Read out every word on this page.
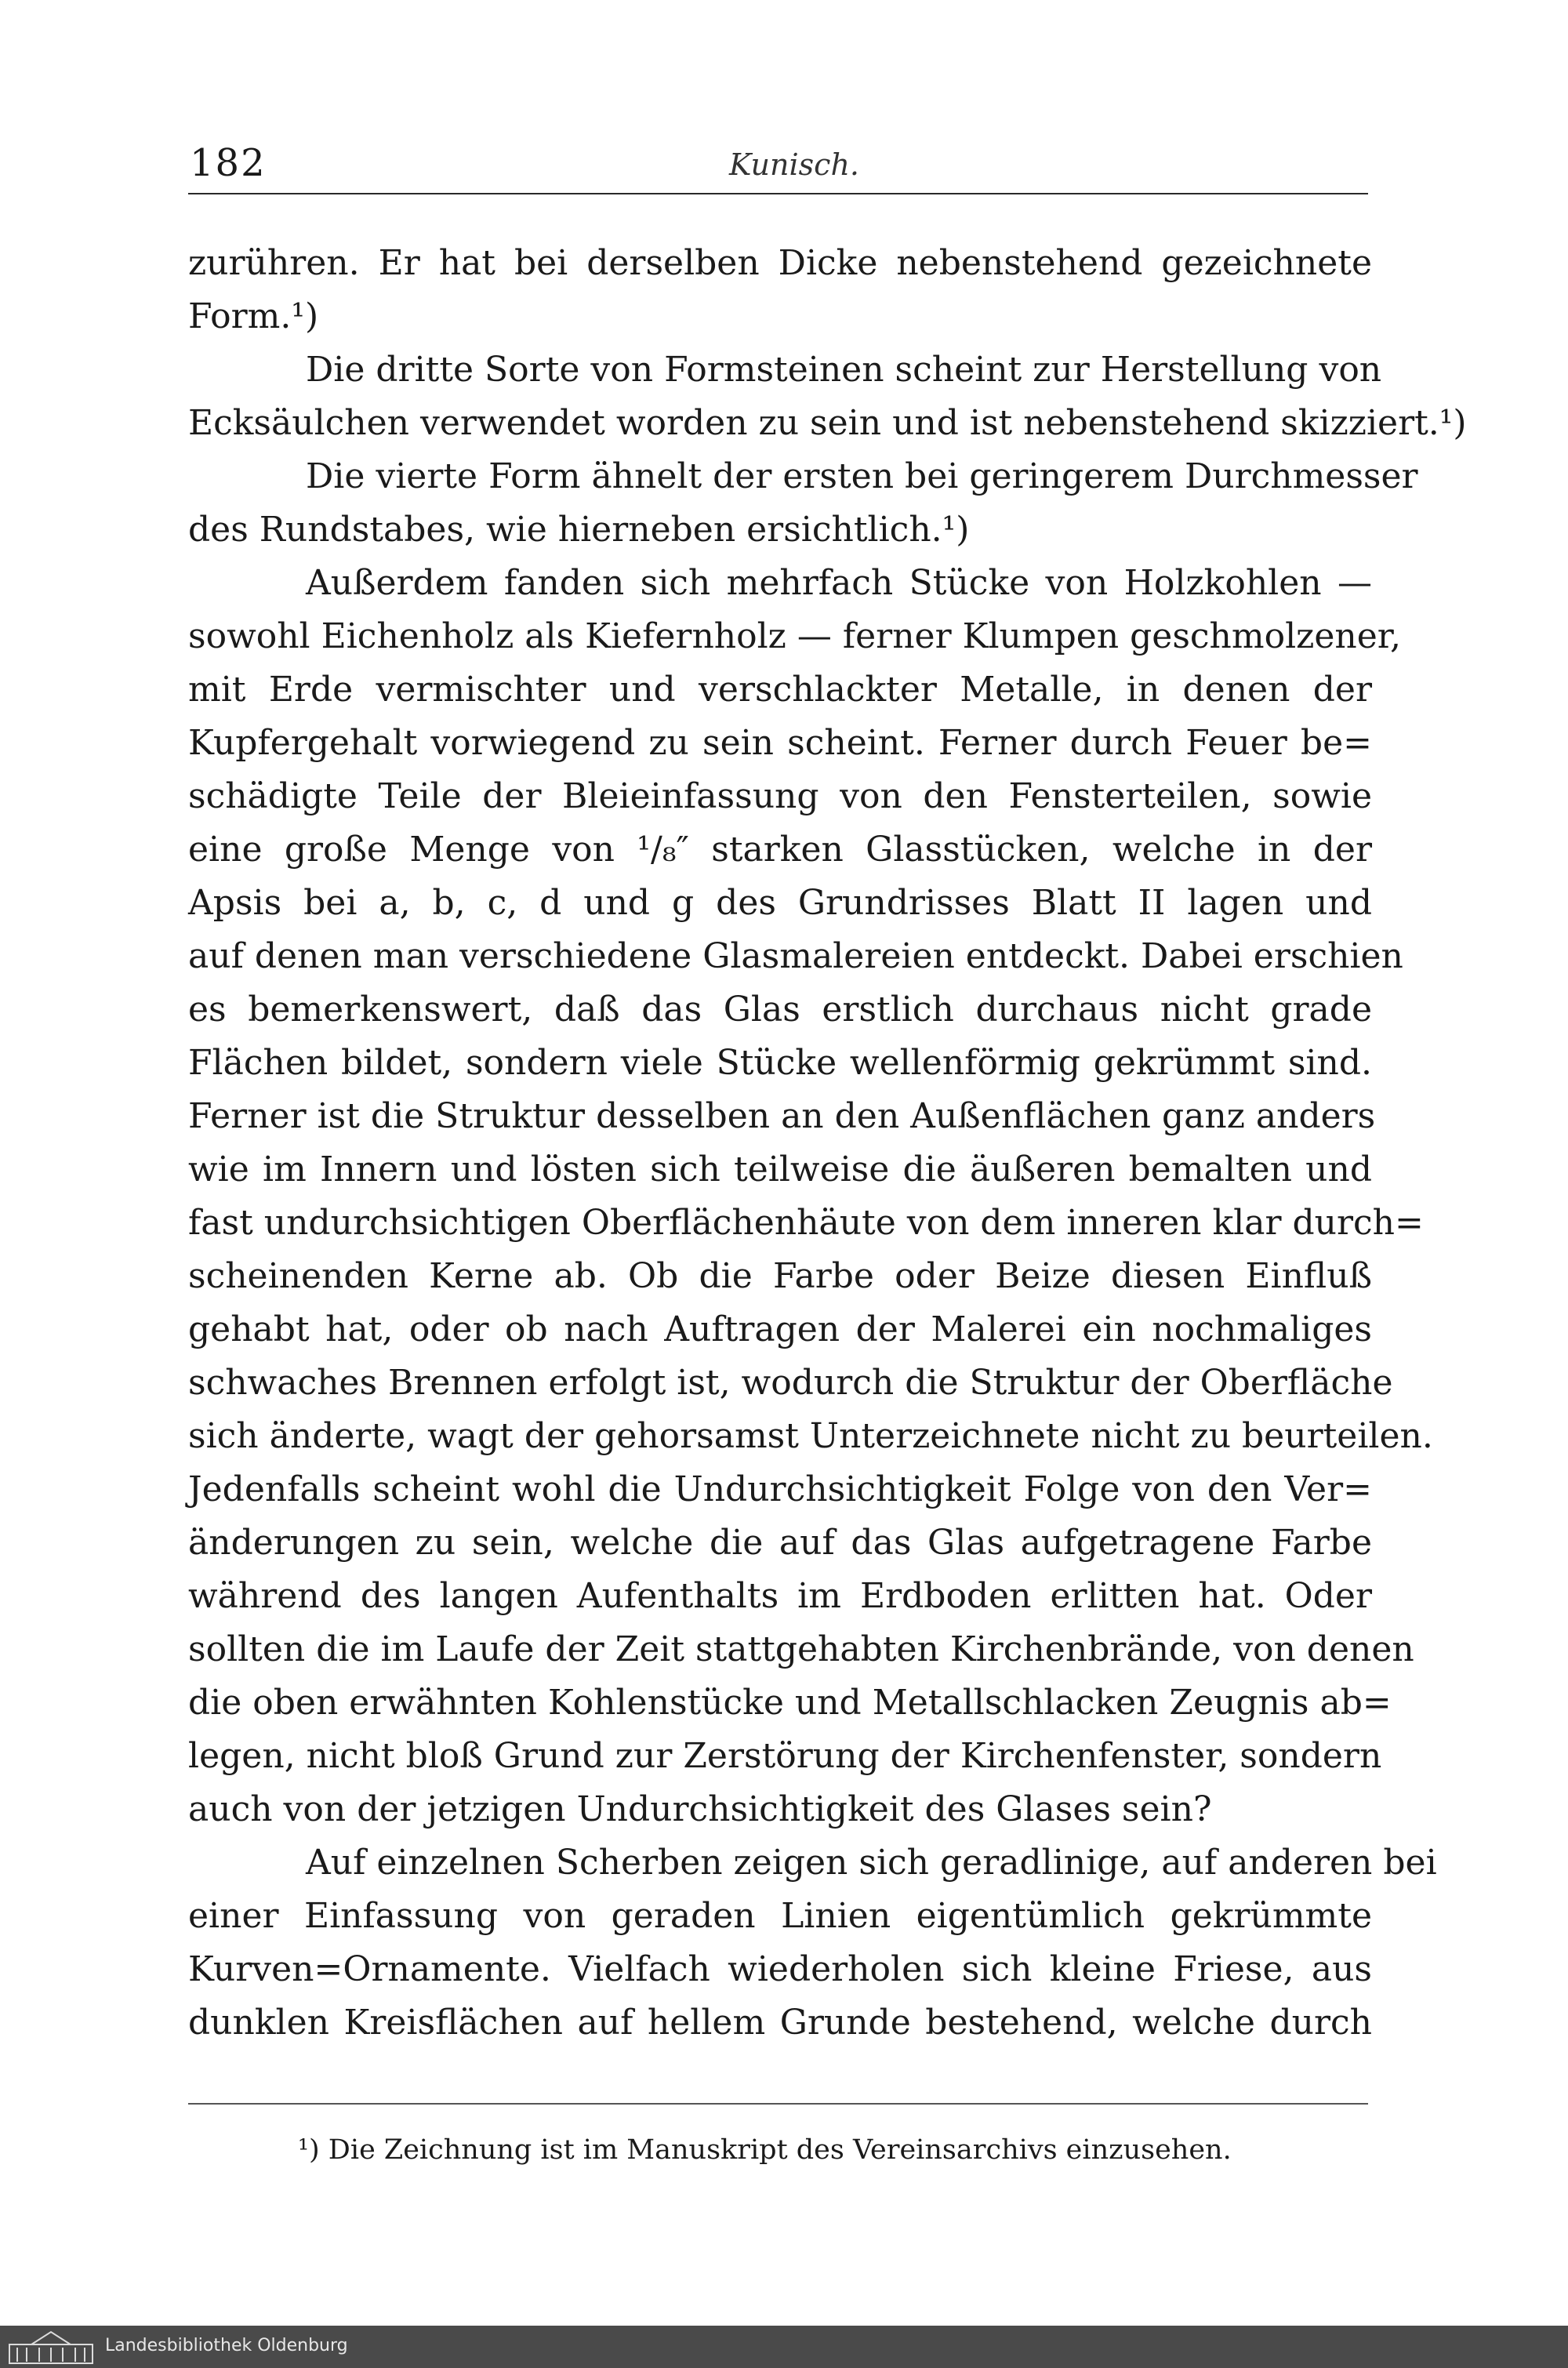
182	Kunisch.
zurühren. Er hat bei derselben Dicke nebenstehend gezeichnete
Form.¹)
Die dritte Sorte von Formsteinen scheint zur Herstellung von
Ecksäulchen verwendet worden zu sein und ist nebenstehend skizziert.¹)
Die vierte Form ähnelt der ersten bei geringerem Durchmesser
des Rundstabes, wie hierneben ersichtlich.¹)
Außerdem fanden sich mehrfach Stücke von Holzkohlen —
sowohl Eichenholz als Kiefernholz — ferner Klumpen geschmolzener,
mit Erde vermischter und verschlackter Metalle, in denen der
Kupfergehalt vorwiegend zu sein scheint. Ferner durch Feuer be=
schädigte Teile der Bleieinfassung von den Fensterteilen, sowie
eine große Menge von ¹/₈″ starken Glasstücken, welche in der
Apsis bei a, b, c, d und g des Grundrisses Blatt II lagen und
auf denen man verschiedene Glasmalereien entdeckt. Dabei erschien
es bemerkenswert, daß das Glas erstlich durchaus nicht grade
Flächen bildet, sondern viele Stücke wellenförmig gekrümmt sind.
Ferner ist die Struktur desselben an den Außenflächen ganz anders
wie im Innern und lösten sich teilweise die äußeren bemalten und
fast undurchsichtigen Oberflächenhäute von dem inneren klar durch=
scheinenden Kerne ab. Ob die Farbe oder Beize diesen Einfluß
gehabt hat, oder ob nach Auftragen der Malerei ein nochmaliges
schwaches Brennen erfolgt ist, wodurch die Struktur der Oberfläche
sich änderte, wagt der gehorsamst Unterzeichnete nicht zu beurteilen.
Jedenfalls scheint wohl die Undurchsichtigkeit Folge von den Ver=
änderungen zu sein, welche die auf das Glas aufgetragene Farbe
während des langen Aufenthalts im Erdboden erlitten hat. Oder
sollten die im Laufe der Zeit stattgehabten Kirchenbrände, von denen
die oben erwähnten Kohlenstücke und Metallschlacken Zeugnis ab=
legen, nicht bloß Grund zur Zerstörung der Kirchenfenster, sondern
auch von der jetzigen Undurchsichtigkeit des Glases sein?
Auf einzelnen Scherben zeigen sich geradlinige, auf anderen bei
einer Einfassung von geraden Linien eigentümlich gekrümmte
Kurven=Ornamente. Vielfach wiederholen sich kleine Friese, aus
dunklen Kreisflächen auf hellem Grunde bestehend, welche durch
¹) Die Zeichnung ist im Manuskript des Vereinsarchivs einzusehen.
Landesbibliothek Oldenburg
